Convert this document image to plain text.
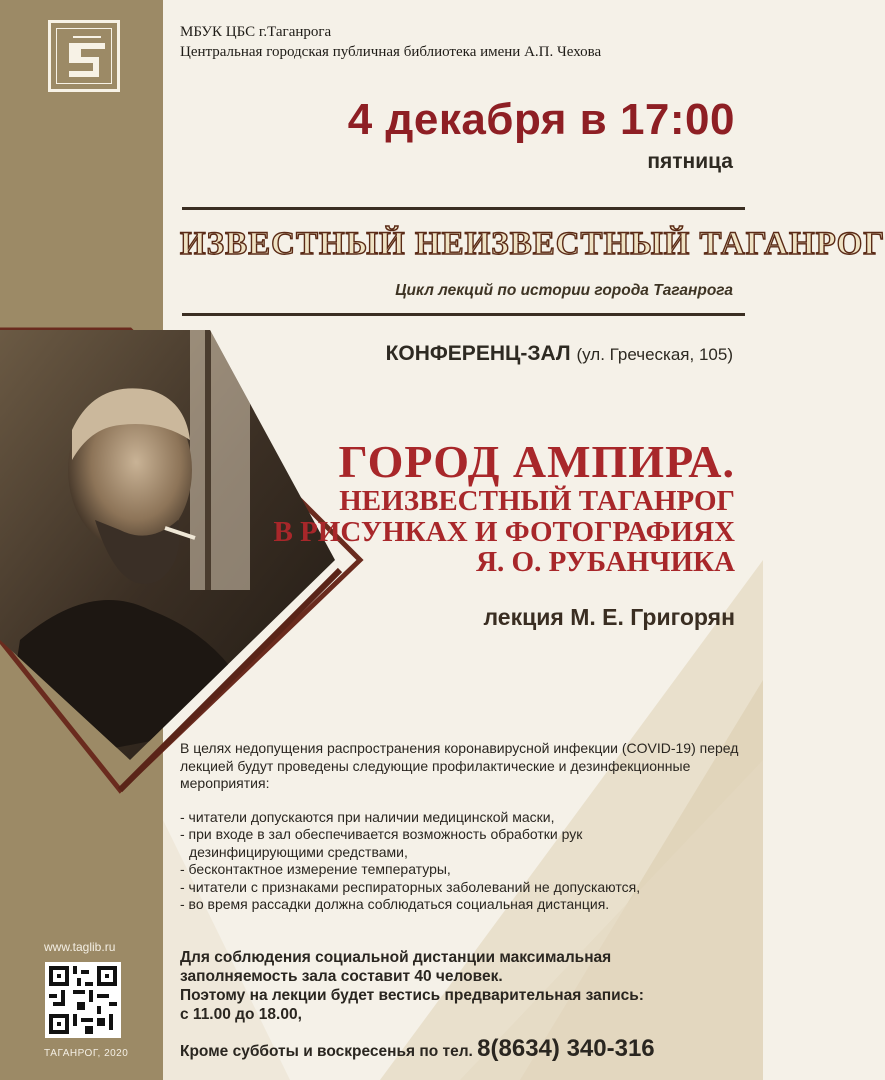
МБУК ЦБС г.Таганрога
Центральная городская публичная библиотека имени А.П. Чехова
4 декабря в 17:00
пятница
ИЗВЕСТНЫЙ НЕИЗВЕСТНЫЙ ТАГАНРОГ
Цикл лекций по истории города Таганрога
КОНФЕРЕНЦ-ЗАЛ (ул. Греческая, 105)
ГОРОД АМПИРА.
НЕИЗВЕСТНЫЙ ТАГАНРОГ
В РИСУНКАХ И ФОТОГРАФИЯХ
Я. О. РУБАНЧИКА
лекция М. Е. Григорян

В целях недопущения распространения коронавирусной инфекции (COVID-19) перед лекцией будут проведены следующие профилактические и дезинфекционные мероприятия:

- читатели допускаются при наличии медицинской маски,
- при входе в зал обеспечивается возможность обработки рук
дезинфицирующими средствами,
- бесконтактное измерение температуры,
- читатели с признаками респираторных заболеваний не допускаются,
- во время рассадки должна соблюдаться социальная дистанция.
Для соблюдения социальной дистанции максимальная
заполняемость зала составит 40 человек.
Поэтому на лекции будет вестись предварительная запись:
с 11.00 до 18.00,
Кроме субботы и воскресенья по тел. 8(8634) 340-316
www.taglib.ru
ТАГАНРОГ, 2020
